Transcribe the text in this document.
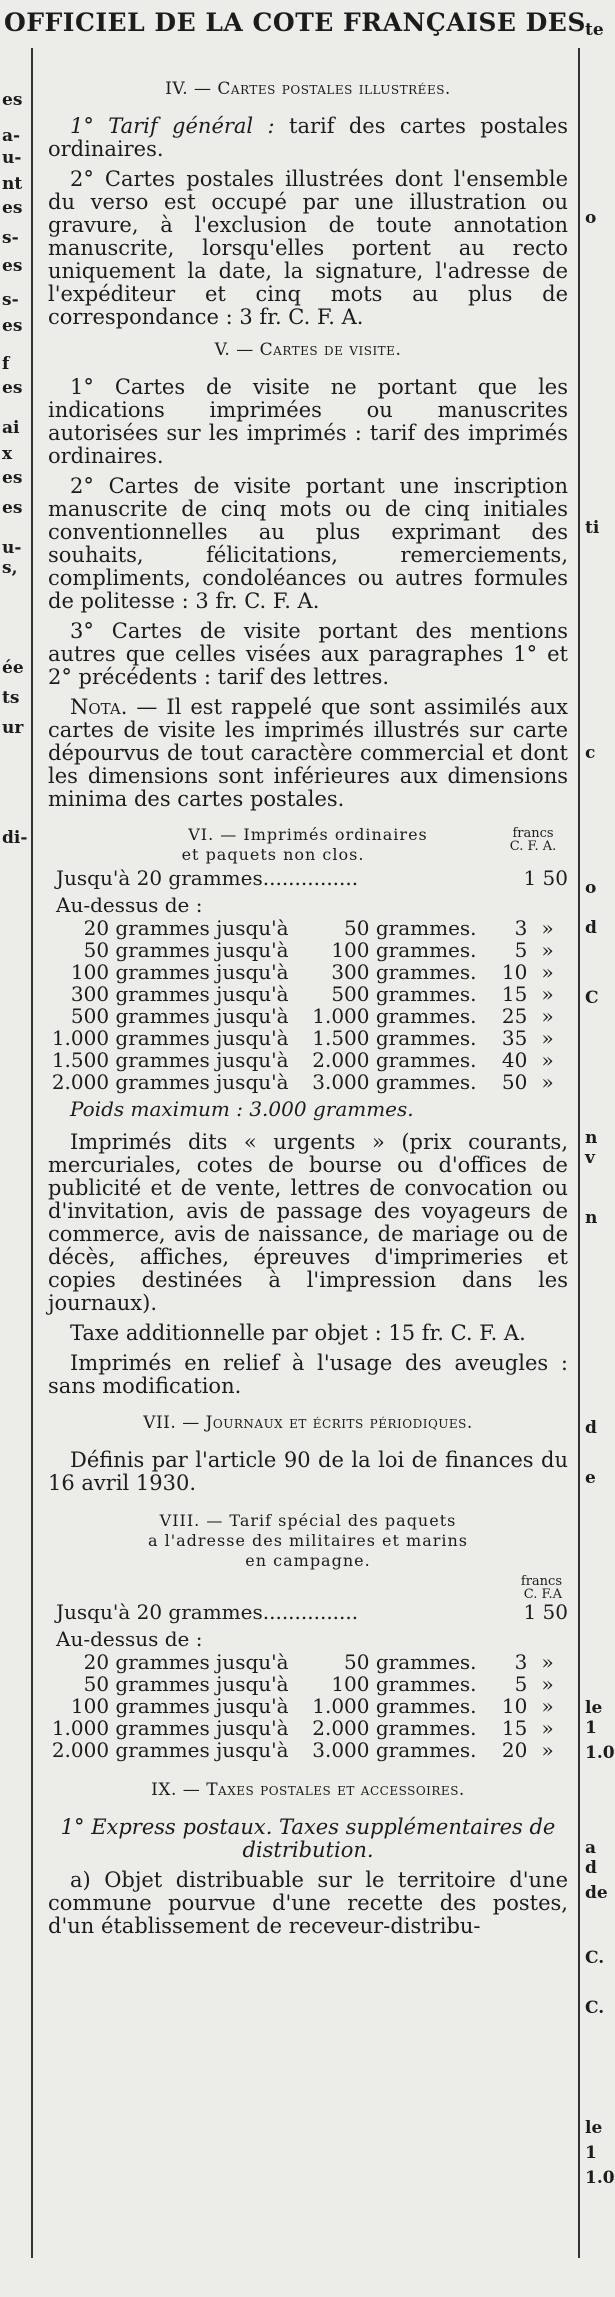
OFFICIEL DE LA COTE FRANÇAISE DES
es
a-
u-
nt
es
s-
es
s-
es
f
es
ai
x
es
es
u-
s,
ée
ts
ur
di-
te
o
ti
c
o
d
C
n
v
n
d
e
le
1
1.0
a
d
de
C.
C.
le
1
1.0
IV. — Cartes postales illustrées.

1° Tarif général : tarif des cartes postales ordinaires.

2° Cartes postales illustrées dont l'ensemble du verso est occupé par une illustration ou gravure, à l'exclusion de toute annotation manuscrite, lorsqu'elles portent au recto uniquement la date, la signature, l'adresse de l'expéditeur et cinq mots au plus de correspondance : 3 fr. C. F. A.

V. — Cartes de visite.

1° Cartes de visite ne portant que les indications imprimées ou manuscrites autorisées sur les imprimés : tarif des imprimés ordinaires.

2° Cartes de visite portant une inscription manuscrite de cinq mots ou de cinq initiales conventionnelles au plus exprimant des souhaits, félicitations, remerciements, compliments, condoléances ou autres formules de politesse : 3 fr. C. F. A.

3° Cartes de visite portant des mentions autres que celles visées aux paragraphes 1° et 2° précédents : tarif des lettres.

Nota. — Il est rappelé que sont assimilés aux cartes de visite les imprimés illustrés sur carte dépourvus de tout caractère commercial et dont les dimensions sont inférieures aux dimensions minima des cartes postales.

VI. — Imprimés ordinaires
et paquets non clos.
francs
C. F. A.
Jusqu'à 20 grammes...............	1 50
Au-dessus de :
20 grammes jusqu'à	50 grammes.	3	»
50 grammes jusqu'à	100 grammes.	5	»
100 grammes jusqu'à	300 grammes.	10	»
300 grammes jusqu'à	500 grammes.	15	»
500 grammes jusqu'à	1.000 grammes.	25	»
1.000 grammes jusqu'à	1.500 grammes.	35	»
1.500 grammes jusqu'à	2.000 grammes.	40	»
2.000 grammes jusqu'à	3.000 grammes.	50	»
Poids maximum : 3.000 grammes.

Imprimés dits « urgents » (prix courants, mercuriales, cotes de bourse ou d'offices de publicité et de vente, lettres de convocation ou d'invitation, avis de passage des voyageurs de commerce, avis de naissance, de mariage ou de décès, affiches, épreuves d'imprimeries et copies destinées à l'impression dans les journaux).

Taxe additionnelle par objet : 15 fr. C. F. A.

Imprimés en relief à l'usage des aveugles : sans modification.

VII. — Journaux et écrits périodiques.

Définis par l'article 90 de la loi de finances du 16 avril 1930.

VIII. — Tarif spécial des paquets
a l'adresse des militaires et marins
en campagne.
francs
C. F.A
Jusqu'à 20 grammes...............	1 50
Au-dessus de :
20 grammes jusqu'à	50 grammes.	3	»
50 grammes jusqu'à	100 grammes.	5	»
100 grammes jusqu'à	1.000 grammes.	10	»
1.000 grammes jusqu'à	2.000 grammes.	15	»
2.000 grammes jusqu'à	3.000 grammes.	20	»
IX. — Taxes postales et accessoires.

1° Express postaux. Taxes supplémentaires de distribution.

a) Objet distribuable sur le territoire d'une commune pourvue d'une recette des postes, d'un établissement de receveur-distribu-
